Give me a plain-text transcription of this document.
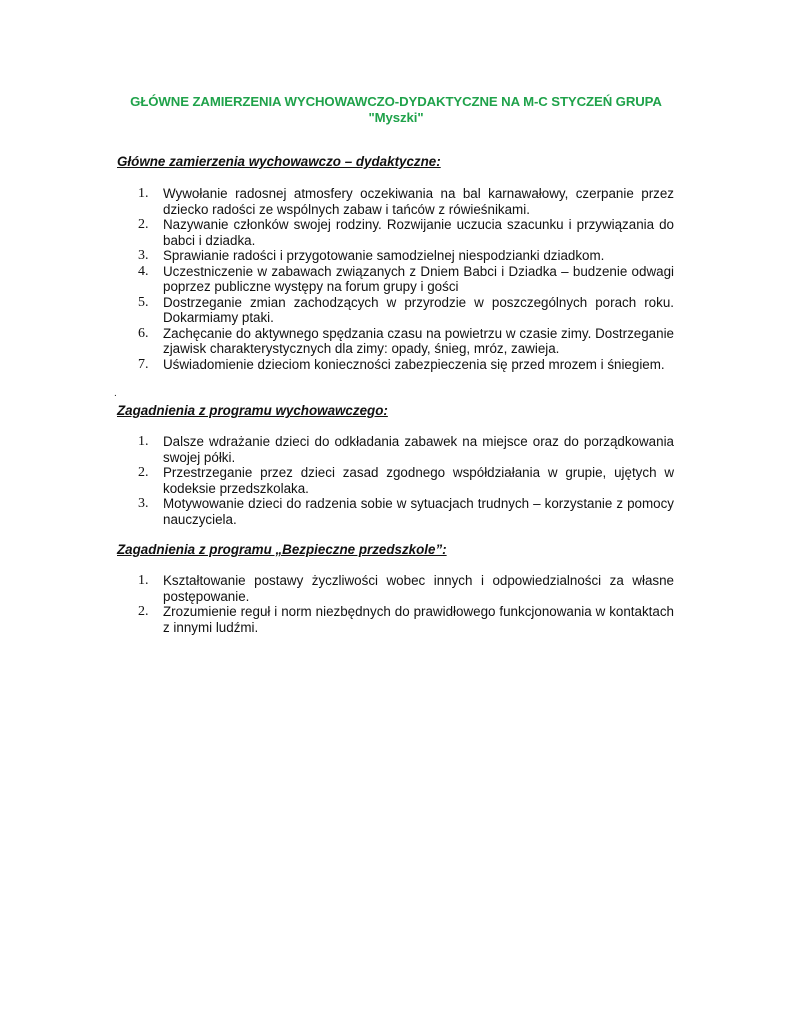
GŁÓWNE ZAMIERZENIA WYCHOWAWCZO-DYDAKTYCZNE NA M-C STYCZEŃ GRUPA
"Myszki"
Główne zamierzenia wychowawczo – dydaktyczne:
1.	Wywołanie radosnej atmosfery oczekiwania na bal karnawałowy, czerpanie przez dziecko radości ze wspólnych zabaw i tańców z rówieśnikami.
2.	Nazywanie członków swojej rodziny. Rozwijanie uczucia szacunku i przywiązania do babci i dziadka.
3.	Sprawianie radości i przygotowanie samodzielnej niespodzianki dziadkom.
4.	Uczestniczenie w zabawach związanych z Dniem Babci i Dziadka – budzenie odwagi poprzez publiczne występy na forum grupy i gości
5.	Dostrzeganie zmian zachodzących w przyrodzie w poszczególnych porach roku. Dokarmiamy ptaki.
6.	Zachęcanie do aktywnego spędzania czasu na powietrzu w czasie zimy. Dostrzeganie zjawisk charakterystycznych dla zimy: opady, śnieg, mróz, zawieja.
7.	Uświadomienie dzieciom konieczności zabezpieczenia się przed mrozem i śniegiem.
.
Zagadnienia z programu wychowawczego:
1.	Dalsze wdrażanie dzieci do odkładania zabawek na miejsce oraz do porządkowania swojej półki.
2.	Przestrzeganie przez dzieci zasad zgodnego współdziałania w grupie, ujętych w kodeksie przedszkolaka.
3.	Motywowanie dzieci do radzenia sobie w sytuacjach trudnych – korzystanie z pomocy nauczyciela.
Zagadnienia z programu „Bezpieczne przedszkole”:
1.	Kształtowanie postawy życzliwości wobec innych i odpowiedzialności za własne postępowanie.
2.	Zrozumienie reguł i norm niezbędnych do prawidłowego funkcjonowania w kontaktach z innymi ludźmi.
